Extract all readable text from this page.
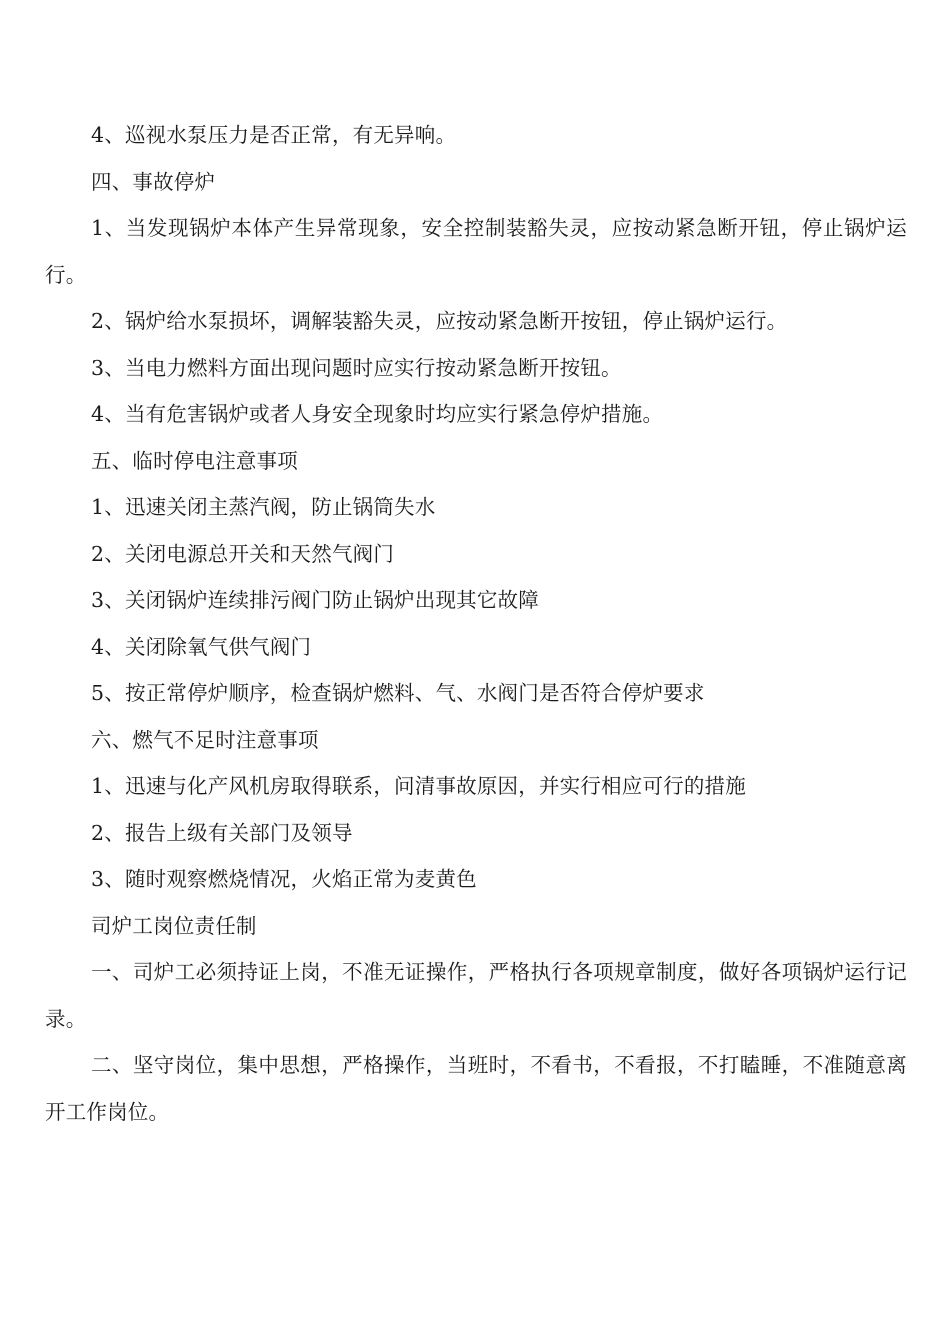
4、巡视水泵压力是否正常，有无异响。

四、事故停炉

1、当发现锅炉本体产生异常现象，安全控制装豁失灵，应按动紧急断开钮，停止锅炉运行。

2、锅炉给水泵损坏，调解装豁失灵，应按动紧急断开按钮，停止锅炉运行。

3、当电力燃料方面出现问题时应实行按动紧急断开按钮。

4、当有危害锅炉或者人身安全现象时均应实行紧急停炉措施。

五、临时停电注意事项

1、迅速关闭主蒸汽阀，防止锅筒失水

2、关闭电源总开关和天然气阀门

3、关闭锅炉连续排污阀门防止锅炉出现其它故障

4、关闭除氧气供气阀门

5、按正常停炉顺序，检查锅炉燃料、气、水阀门是否符合停炉要求

六、燃气不足时注意事项

1、迅速与化产风机房取得联系，问清事故原因，并实行相应可行的措施

2、报告上级有关部门及领导

3、随时观察燃烧情况，火焰正常为麦黄色

司炉工岗位责任制

一、司炉工必须持证上岗，不准无证操作，严格执行各项规章制度，做好各项锅炉运行记录。

二、坚守岗位，集中思想，严格操作，当班时，不看书，不看报，不打瞌睡，不准随意离开工作岗位。
